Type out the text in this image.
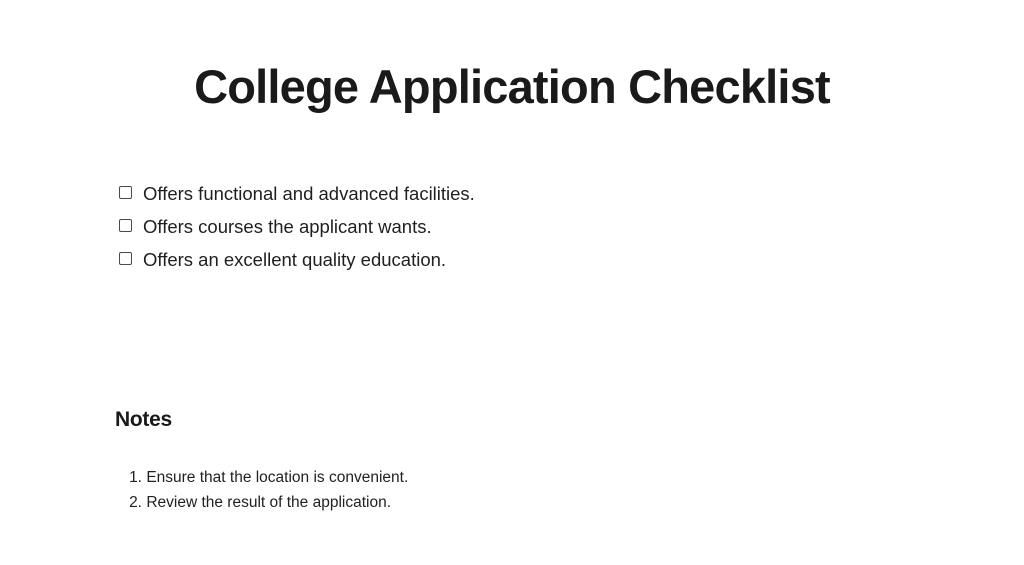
College Application Checklist
Offers functional and advanced facilities.
Offers courses the applicant wants.
Offers an excellent quality education.
Notes
1. Ensure that the location is convenient.
2. Review the result of the application.
